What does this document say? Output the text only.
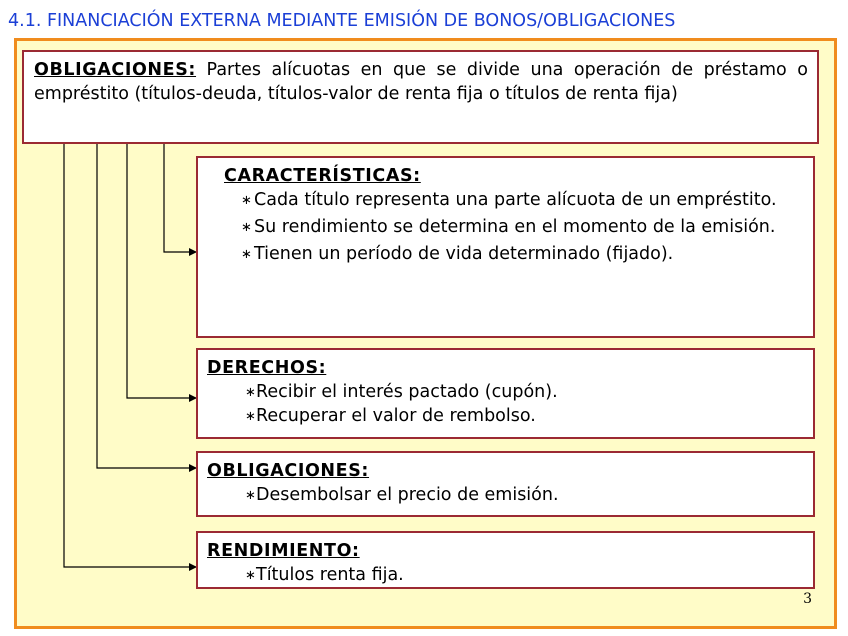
4.1. FINANCIACIÓN EXTERNA MEDIANTE EMISIÓN DE BONOS/OBLIGACIONES
OBLIGACIONES: Partes alícuotas en que se divide una operación de préstamo o empréstito (títulos-deuda, títulos-valor de renta fija o títulos de renta fija)
CARACTERÍSTICAS:
∗ Cada título representa una parte alícuota de un empréstito.
∗ Su rendimiento se determina en el momento de la emisión.
∗ Tienen un período de vida determinado (fijado).
DERECHOS:
∗ Recibir el interés pactado (cupón).
∗ Recuperar el valor de rembolso.
OBLIGACIONES:
∗ Desembolsar el precio de emisión.
RENDIMIENTO:
∗ Títulos renta fija.
3
